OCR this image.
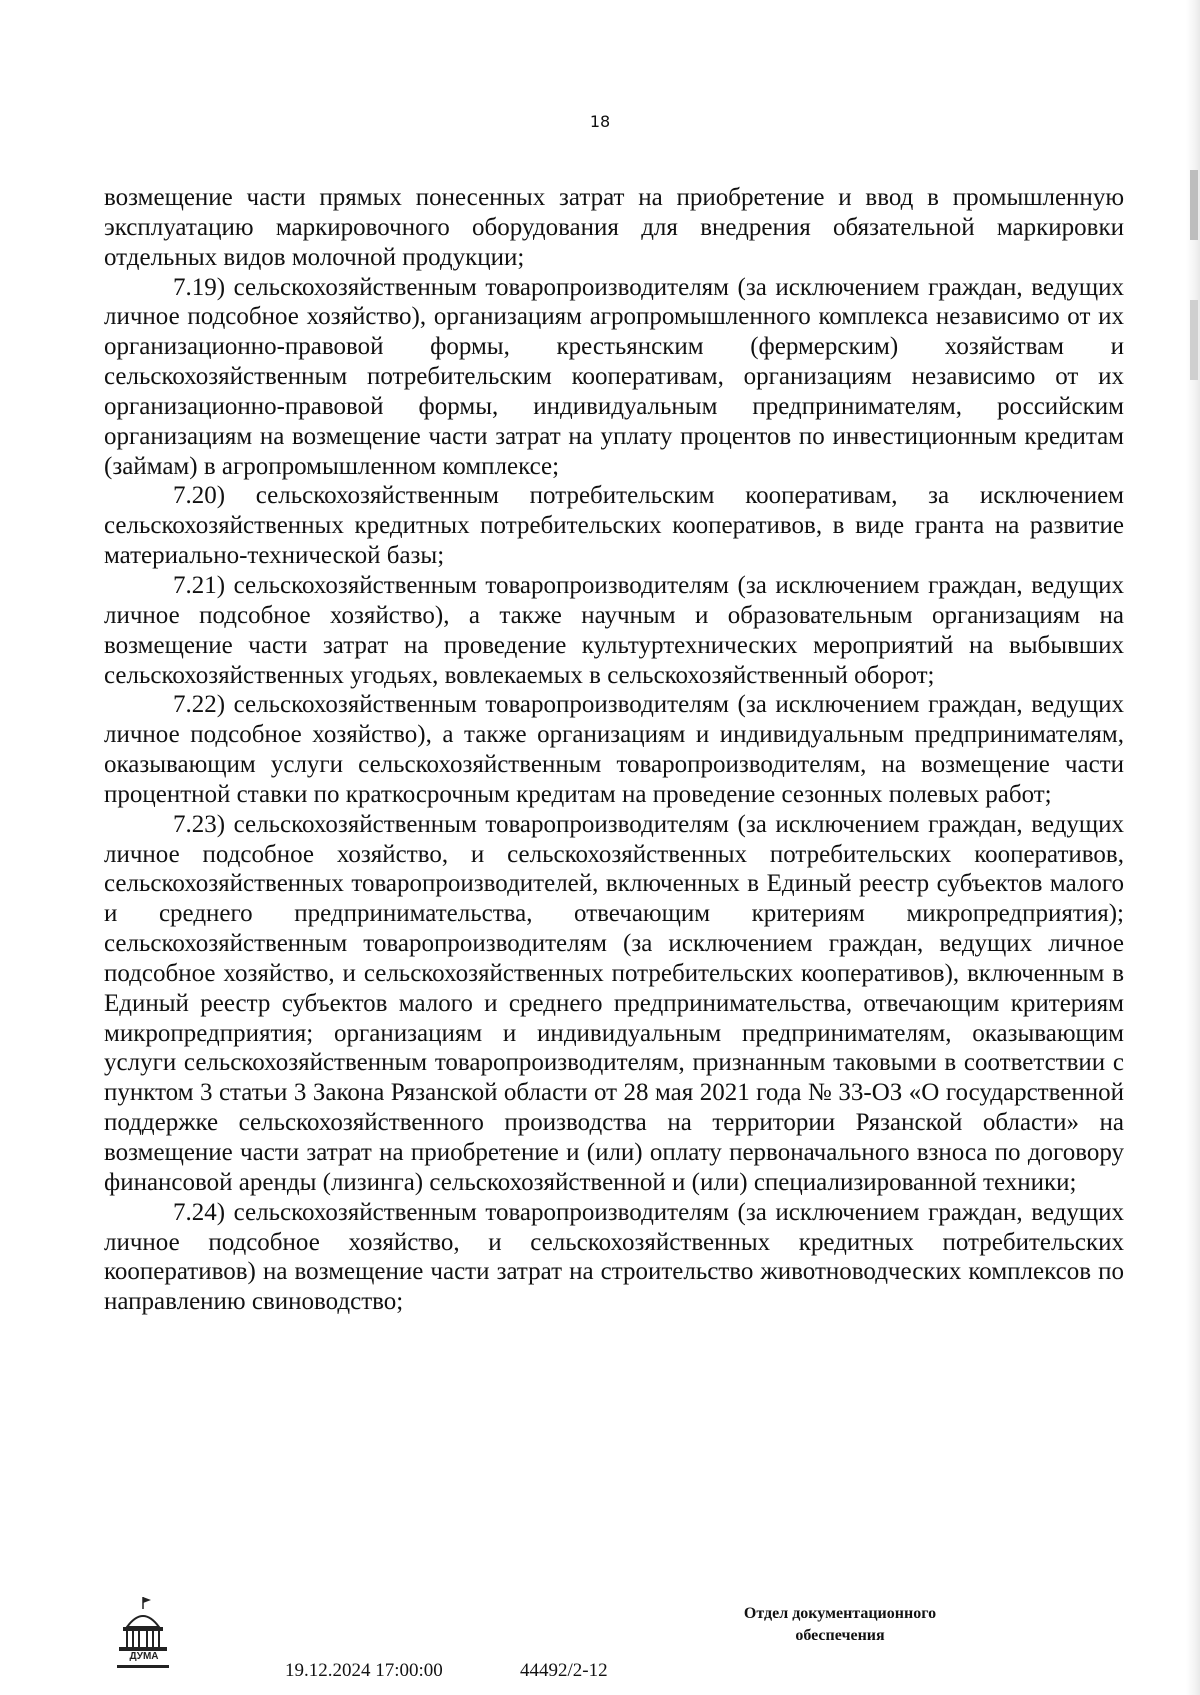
18

возмещение части прямых понесенных затрат на приобретение и ввод в промышленную эксплуатацию маркировочного оборудования для внедрения обязательной маркировки отдельных видов молочной продукции;

7.19) сельскохозяйственным товаропроизводителям (за исключением граждан, ведущих личное подсобное хозяйство), организациям агропромышленного комплекса независимо от их организационно-правовой формы, крестьянским (фермерским) хозяйствам и сельскохозяйственным потребительским кооперативам, организациям независимо от их организационно-правовой формы, индивидуальным предпринимателям, российским организациям на возмещение части затрат на уплату процентов по инвестиционным кредитам (займам) в агропромышленном комплексе;

7.20) сельскохозяйственным потребительским кооперативам, за исключением сельскохозяйственных кредитных потребительских кооперативов, в виде гранта на развитие материально-технической базы;

7.21) сельскохозяйственным товаропроизводителям (за исключением граждан, ведущих личное подсобное хозяйство), а также научным и образовательным организациям на возмещение части затрат на проведение культуртехнических мероприятий на выбывших сельскохозяйственных угодьях, вовлекаемых в сельскохозяйственный оборот;

7.22) сельскохозяйственным товаропроизводителям (за исключением граждан, ведущих личное подсобное хозяйство), а также организациям и индивидуальным предпринимателям, оказывающим услуги сельскохозяйственным товаропроизводителям, на возмещение части процентной ставки по краткосрочным кредитам на проведение сезонных полевых работ;

7.23) сельскохозяйственным товаропроизводителям (за исключением граждан, ведущих личное подсобное хозяйство, и сельскохозяйственных потребительских кооперативов, сельскохозяйственных товаропроизводителей, включенных в Единый реестр субъектов малого и среднего предпринимательства, отвечающим критериям микропредприятия); сельскохозяйственным товаропроизводителям (за исключением граждан, ведущих личное подсобное хозяйство, и сельскохозяйственных потребительских кооперативов), включенным в Единый реестр субъектов малого и среднего предпринимательства, отвечающим критериям микропредприятия; организациям и индивидуальным предпринимателям, оказывающим услуги сельскохозяйственным товаропроизводителям, признанным таковыми в соответствии с пунктом 3 статьи 3 Закона Рязанской области от 28 мая 2021 года № 33-ОЗ «О государственной поддержке сельскохозяйственного производства на территории Рязанской области» на возмещение части затрат на приобретение и (или) оплату первоначального взноса по договору финансовой аренды (лизинга) сельскохозяйственной и (или) специализированной техники;

7.24) сельскохозяйственным товаропроизводителям (за исключением граждан, ведущих личное подсобное хозяйство, и сельскохозяйственных кредитных потребительских кооперативов) на возмещение части затрат на строительство животноводческих комплексов по направлению свиноводство;

ДУМА
19.12.2024 17:00:00	44492/2-12
Отдел документационного
обеспечения
